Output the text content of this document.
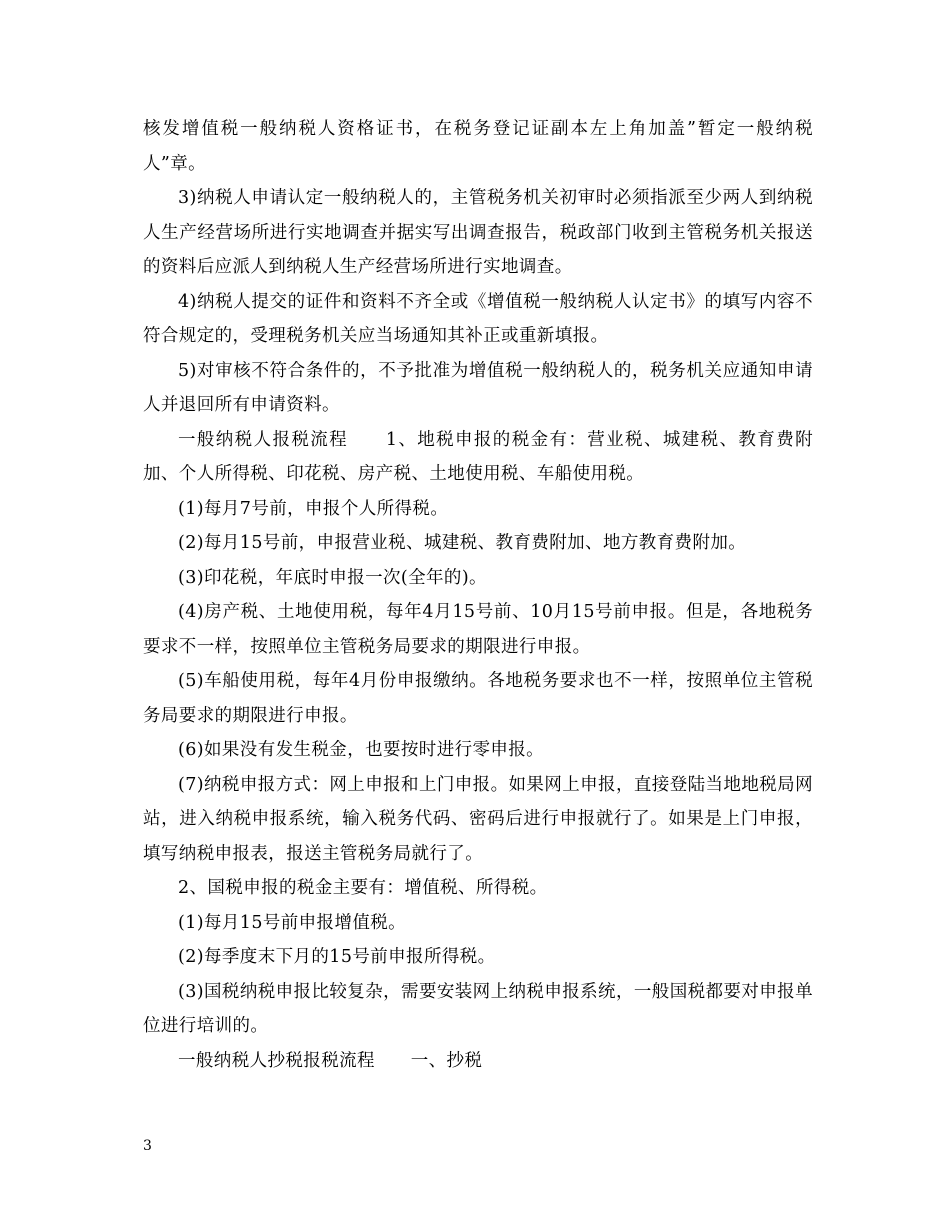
核发增值税一般纳税人资格证书，在税务登记证副本左上角加盖”暂定一般纳税人”章。

3)纳税人申请认定一般纳税人的，主管税务机关初审时必须指派至少两人到纳税人生产经营场所进行实地调查并据实写出调查报告，税政部门收到主管税务机关报送的资料后应派人到纳税人生产经营场所进行实地调查。

4)纳税人提交的证件和资料不齐全或《增值税一般纳税人认定书》的填写内容不符合规定的，受理税务机关应当场通知其补正或重新填报。

5)对审核不符合条件的，不予批准为增值税一般纳税人的，税务机关应通知申请人并退回所有申请资料。

一般纳税人报税流程　　1、地税申报的税金有：营业税、城建税、教育费附加、个人所得税、印花税、房产税、土地使用税、车船使用税。

(1)每月7号前，申报个人所得税。

(2)每月15号前，申报营业税、城建税、教育费附加、地方教育费附加。

(3)印花税，年底时申报一次(全年的)。

(4)房产税、土地使用税，每年4月15号前、10月15号前申报。但是，各地税务要求不一样，按照单位主管税务局要求的期限进行申报。

(5)车船使用税，每年4月份申报缴纳。各地税务要求也不一样，按照单位主管税务局要求的期限进行申报。

(6)如果没有发生税金，也要按时进行零申报。

(7)纳税申报方式：网上申报和上门申报。如果网上申报，直接登陆当地地税局网站，进入纳税申报系统，输入税务代码、密码后进行申报就行了。如果是上门申报，填写纳税申报表，报送主管税务局就行了。

2、国税申报的税金主要有：增值税、所得税。

(1)每月15号前申报增值税。

(2)每季度末下月的15号前申报所得税。

(3)国税纳税申报比较复杂，需要安装网上纳税申报系统，一般国税都要对申报单位进行培训的。

一般纳税人抄税报税流程　　一、抄税

3
